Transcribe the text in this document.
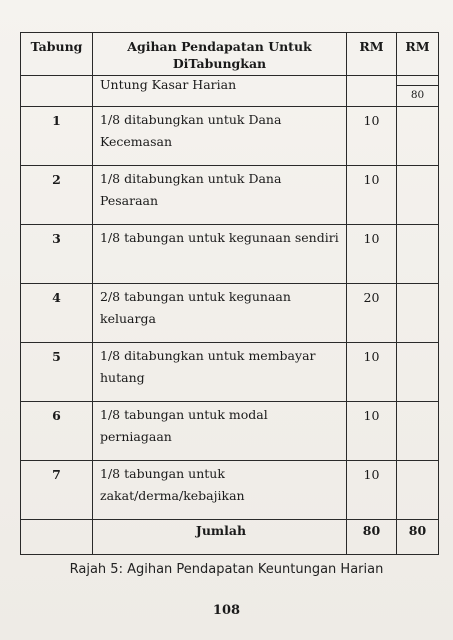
Tabung	Agihan Pendapatan Untuk DiTabungkan	RM	RM

	Untung Kasar Harian		80

1	1/8 ditabungkan untuk Dana Kecemasan	10	
2	1/8 ditabungkan untuk Dana Pesaraan	10	
3	1/8 tabungan untuk kegunaan sendiri	10	
4	2/8 tabungan untuk kegunaan keluarga	20	
5	1/8 ditabungkan untuk membayar hutang	10	
6	1/8 tabungan untuk modal perniagaan	10	
7	1/8 tabungan untuk zakat/derma/kebajikan	10	
	Jumlah	80	80
Rajah 5: Agihan Pendapatan Keuntungan Harian
108
